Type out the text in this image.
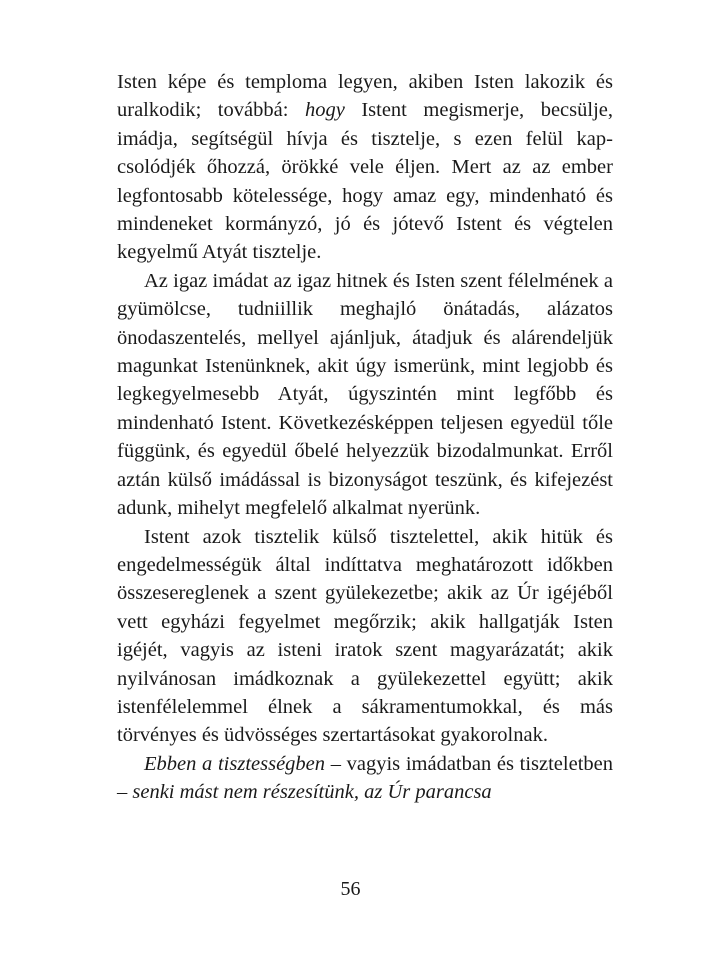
Isten képe és temploma legyen, akiben Isten lakozik és uralkodik; továbbá: hogy Istent megismerje, becsülje, imádja, segítségül hívja és tisztelje, s ezen felül kapcsolódjék őhozzá, örökké vele éljen. Mert az az ember legfontosabb kötelessége, hogy amaz egy, mindenható és mindeneket kormányzó, jó és jótevő Istent és végtelen kegyelmű Atyát tisztelje.

Az igaz imádat az igaz hitnek és Isten szent félelmének a gyümölcse, tudniillik meghajló önátadás, alázatos önodaszentelés, mellyel ajánljuk, átadjuk és alárendeljük magunkat Istenünknek, akit úgy ismerünk, mint legjobb és legkegyelmesebb Atyát, úgyszintén mint legfőbb és mindenható Istent. Következésképpen teljesen egyedül tőle függünk, és egyedül őbelé helyezzük bizodalmunkat. Erről aztán külső imádással is bizonyságot teszünk, és kifejezést adunk, mihelyt megfelelő alkalmat nyerünk.

Istent azok tisztelik külső tisztelettel, akik hitük és engedelmességük által indíttatva meghatározott időkben összesereglenek a szent gyülekezetbe; akik az Úr igéjéből vett egyházi fegyelmet megőrzik; akik hallgatják Isten igéjét, vagyis az isteni iratok szent magyarázatát; akik nyilvánosan imádkoznak a gyülekezettel együtt; akik istenfélelemmel élnek a sákramentumokkal, és más törvényes és üdvösséges szertartásokat gyakorolnak.

Ebben a tisztességben – vagyis imádatban és tiszteletben – senki mást nem részesítünk, az Úr parancsa

56
